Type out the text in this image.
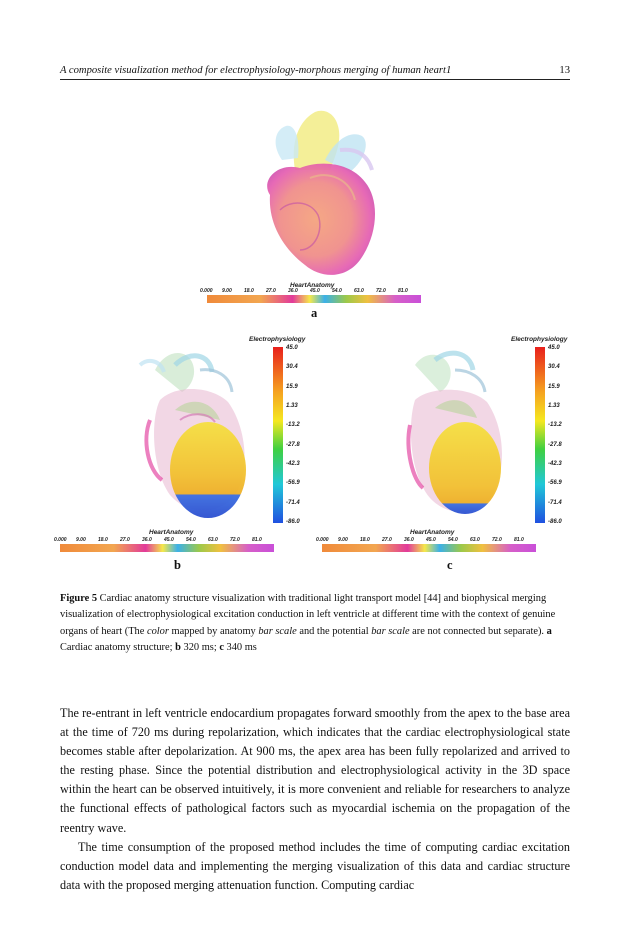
A composite visualization method for electrophysiology-morphous merging of human heart1	13
HeartAnatomy
0.000 9.00 18.0 27.0 36.0 45.0 54.0 63.0 72.0 81.0
a
Electrophysiology
45.0
30.4
15.9
1.33
-13.2
-27.8
-42.3
-56.9
-71.4
-86.0
HeartAnatomy
0.000 9.00 18.0 27.0 36.0 45.0 54.0 63.0 72.0 81.0
b
Electrophysiology
45.0
30.4
15.9
1.33
-13.2
-27.8
-42.3
-56.9
-71.4
-86.0
HeartAnatomy
0.000 9.00 18.0 27.0 36.0 45.0 54.0 63.0 72.0 81.0
c
Figure 5 Cardiac anatomy structure visualization with traditional light transport model [44] and biophysical merging visualization of electrophysiological excitation conduction in left ventricle at different time with the context of genuine organs of heart (The color mapped by anatomy bar scale and the potential bar scale are not connected but separate). a Cardiac anatomy structure; b 320 ms; c 340 ms

The re-entrant in left ventricle endocardium propagates forward smoothly from the apex to the base area at the time of 720 ms during repolarization, which indicates that the cardiac electrophysiological state becomes stable after depolarization. At 900 ms, the apex area has been fully repolarized and arrived to the resting phase. Since the potential distribution and electrophysiological activity in the 3D space within the heart can be observed intuitively, it is more convenient and reliable for researchers to analyze the functional effects of pathological factors such as myocardial ischemia on the propagation of the reentry wave.

The time consumption of the proposed method includes the time of computing cardiac excitation conduction model data and implementing the merging visualization of this data and cardiac structure data with the proposed merging attenuation function. Computing cardiac
